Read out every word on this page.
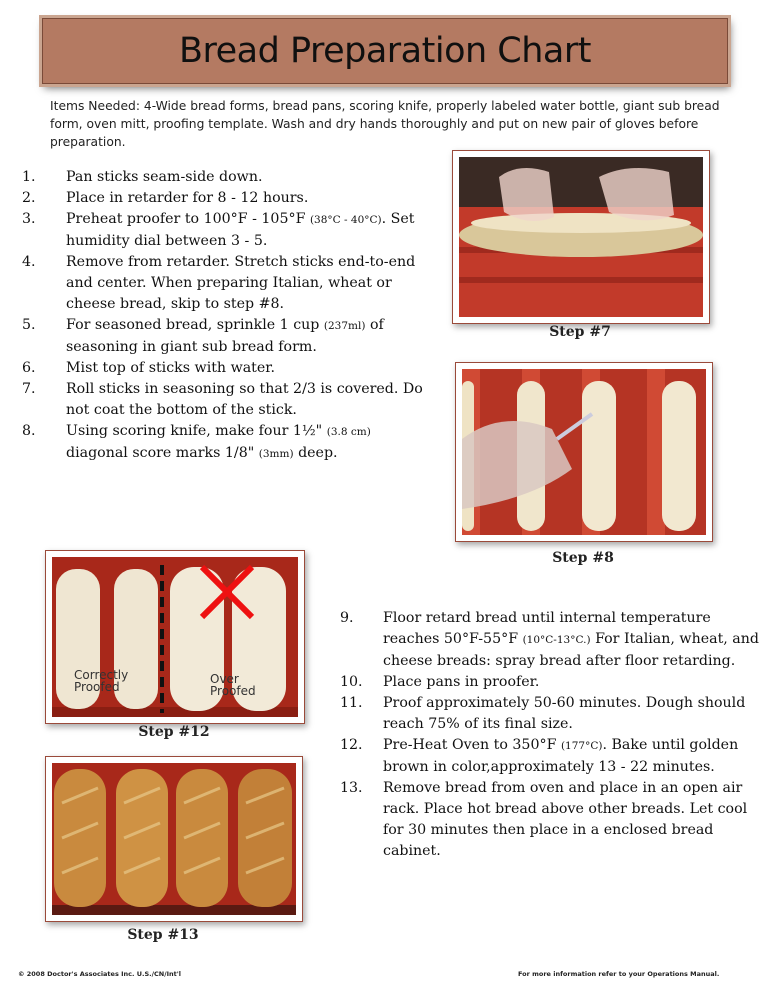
Bread Preparation Chart
Items Needed: 4-Wide bread forms, bread pans, scoring knife, properly labeled water bottle, giant sub bread form, oven mitt, proofing template. Wash and dry hands thoroughly and put on new pair of gloves before preparation.
1. Pan sticks seam-side down.
2. Place in retarder for 8 - 12 hours.
3. Preheat proofer to 100°F - 105°F (38°C - 40°C). Set humidity dial between 3 - 5.
4. Remove from retarder. Stretch sticks end-to-end and center. When preparing Italian, wheat or cheese bread, skip to step #8.
5. For seasoned bread, sprinkle 1 cup (237ml) of seasoning in giant sub bread form.
6. Mist top of sticks with water.
7. Roll sticks in seasoning so that 2/3 is covered. Do not coat the bottom of the stick.
8. Using scoring knife, make four 1½" (3.8 cm) diagonal score marks 1/8" (3mm) deep.
9. Floor retard bread until internal temperature reaches 50°F-55°F (10°C-13°C.) For Italian, wheat, and cheese breads: spray bread after floor retarding.
10. Place pans in proofer.
11. Proof approximately 50-60 minutes. Dough should reach 75% of its final size.
12. Pre-Heat Oven to 350°F (177°C). Bake until golden brown in color,approximately 13 - 22 minutes.
13. Remove bread from oven and place in an open air rack. Place hot bread above other breads. Let cool for 30 minutes then place in a enclosed bread cabinet.
Step #7
Step #8
Correctly Proofed
Over Proofed
Step #12
Step #13
© 2008 Doctor's Associates Inc. U.S./CN/Int'l	For more information refer to your Operations Manual.
